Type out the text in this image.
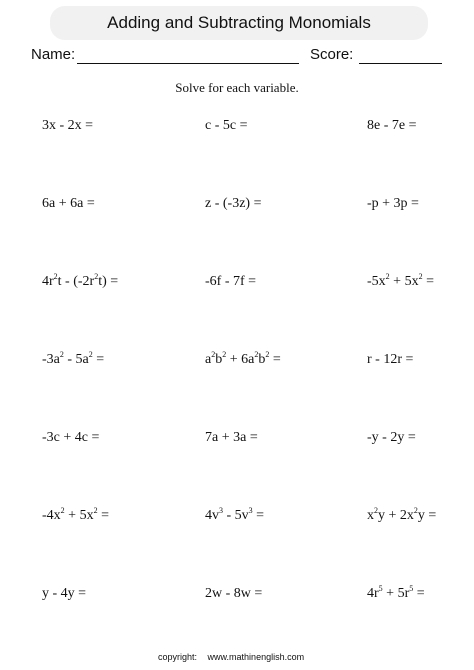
Adding and Subtracting Monomials
Name:	Score:
Solve for each variable.
3x - 2x =	c - 5c =	8e - 7e =
6a + 6a =	z - (-3z) =	-p + 3p =
$4r^2t - (-2r^2t)$ =	-6f - 7f =	$-5x^2 + 5x^2$ =
$-3a^2 - 5a^2$ =	$a^2b^2 + 6a^2b^2$ =	r - 12r =
-3c + 4c =	7a + 3a =	-y - 2y =
$-4x^2 + 5x^2$ =	$4v^3 - 5v^3$ =	$x^2y + 2x^2y$ =
y - 4y =	2w - 8w =	$4r^5 + 5r^5$ =
copyright: www.mathinenglish.com
